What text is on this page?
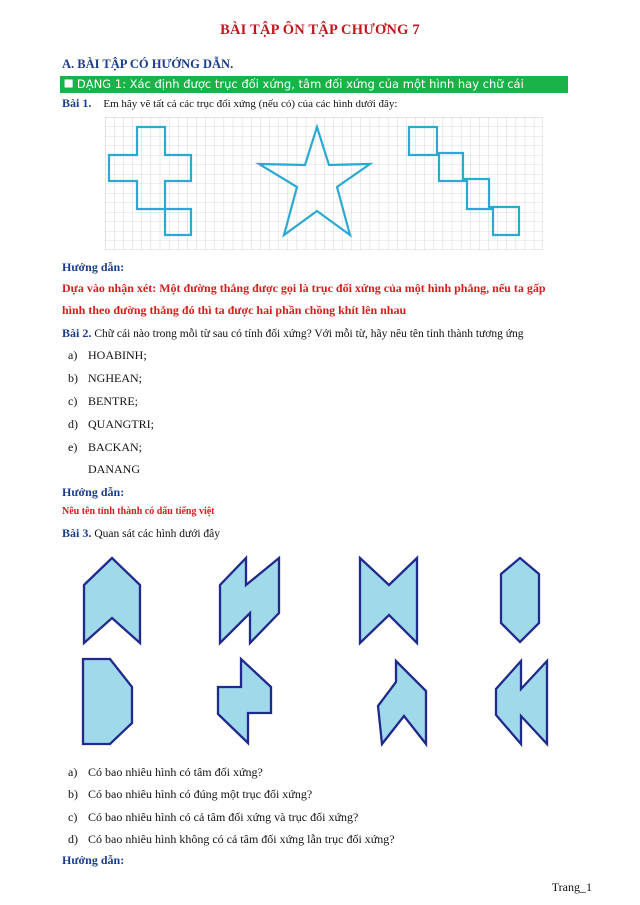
BÀI TẬP ÔN TẬP CHƯƠNG 7
A. BÀI TẬP CÓ HƯỚNG DẪN.
⯀ DẠNG 1: Xác định được trục đối xứng, tâm đối xứng của một hình hay chữ cái
Bài 1. Em hãy vẽ tất cả các trục đối xứng (nếu có) của các hình dưới đây:
Hướng dẫn:
Dựa vào nhận xét: Một đường thẳng được gọi là trục đối xứng của một hình phẳng, nếu ta gấp
hình theo đường thẳng đó thì ta được hai phần chồng khít lên nhau
Bài 2. Chữ cái nào trong mỗi từ sau có tính đối xứng? Với mỗi từ, hãy nêu tên tỉnh thành tương ứng
a) HOABINH;
b) NGHEAN;
c) BENTRE;
d) QUANGTRI;
e) BACKAN;
DANANG
Hướng dẫn:
Nêu tên tỉnh thành có dấu tiếng việt
Bài 3. Quan sát các hình dưới đây
a) Có bao nhiêu hình có tâm đối xứng?
b) Có bao nhiêu hình có đúng một trục đối xứng?
c) Có bao nhiêu hình có cả tâm đối xứng và trục đối xứng?
d) Có bao nhiêu hình không có cả tâm đối xứng lẫn trục đối xứng?
Hướng dẫn:
Trang_1
